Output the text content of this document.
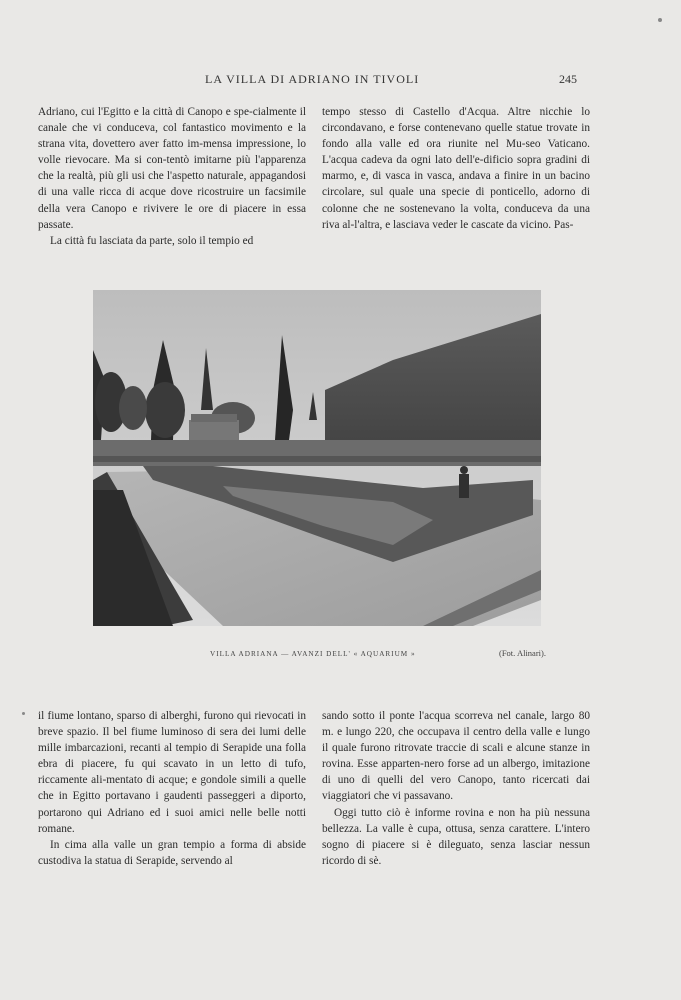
LA VILLA DI ADRIANO IN TIVOLI	245

Adriano, cui l'Egitto e la città di Canopo e spe-cialmente il canale che vi conduceva, col fantastico movimento e la strana vita, dovettero aver fatto im-mensa impressione, lo volle rievocare. Ma si con-tentò imitarne più l'apparenza che la realtà, più gli usi che l'aspetto naturale, appagandosi di una valle ricca di acque dove ricostruire un facsimile della vera Canopo e rivivere le ore di piacere in essa passate.

La città fu lasciata da parte, solo il tempio ed

tempo stesso di Castello d'Acqua. Altre nicchie lo circondavano, e forse contenevano quelle statue trovate in fondo alla valle ed ora riunite nel Mu-seo Vaticano. L'acqua cadeva da ogni lato dell'e-dificio sopra gradini di marmo, e, di vasca in vasca, andava a finire in un bacino circolare, sul quale una specie di ponticello, adorno di colonne che ne sostenevano la volta, conduceva da una riva al-l'altra, e lasciava veder le cascate da vicino. Pas-

VILLA ADRIANA — AVANZI DELL' « AQUARIUM »	(Fot. Alinari).

il fiume lontano, sparso di alberghi, furono qui rievocati in breve spazio. Il bel fiume luminoso di sera dei lumi delle mille imbarcazioni, recanti al tempio di Serapide una folla ebra di piacere, fu qui scavato in un letto di tufo, riccamente ali-mentato di acque; e gondole simili a quelle che in Egitto portavano i gaudenti passeggeri a diporto, portarono qui Adriano ed i suoi amici nelle belle notti romane.

In cima alla valle un gran tempio a forma di abside custodiva la statua di Serapide, servendo al

sando sotto il ponte l'acqua scorreva nel canale, largo 80 m. e lungo 220, che occupava il centro della valle e lungo il quale furono ritrovate traccie di scali e alcune stanze in rovina. Esse apparten-nero forse ad un albergo, imitazione di uno di quelli del vero Canopo, tanto ricercati dai viaggiatori che vi passavano.

Oggi tutto ciò è informe rovina e non ha più nessuna bellezza. La valle è cupa, ottusa, senza carattere. L'intero sogno di piacere si è dileguato, senza lasciar nessun ricordo di sè.
